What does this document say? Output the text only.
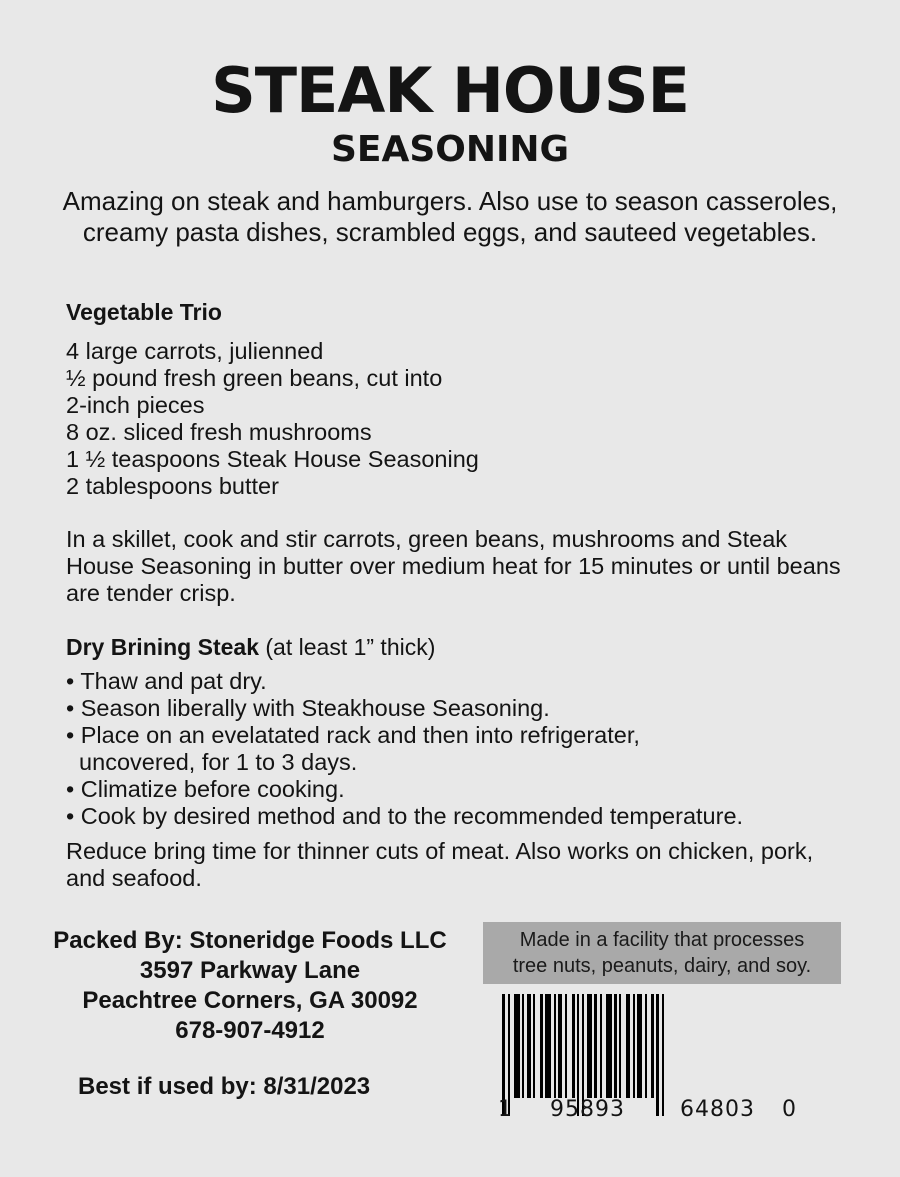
STEAK HOUSE
SEASONING
Amazing on steak and hamburgers. Also use to season casseroles, creamy pasta dishes, scrambled eggs, and sauteed vegetables.
Vegetable Trio
4 large carrots, julienned
½ pound fresh green beans, cut into
2-inch pieces
8 oz. sliced fresh mushrooms
1 ½ teaspoons Steak House Seasoning
2 tablespoons butter
In a skillet, cook and stir carrots, green beans, mushrooms and Steak House Seasoning in butter over medium heat for 15 minutes or until beans are tender crisp.
Dry Brining Steak (at least 1” thick)
• Thaw and pat dry.
• Season liberally with Steakhouse Seasoning.
• Place on an evelatated rack and then into refrigerater,
uncovered, for 1 to 3 days.
• Climatize before cooking.
• Cook by desired method and to the recommended temperature.
Reduce bring time for thinner cuts of meat. Also works on chicken, pork, and seafood.
Packed By: Stoneridge Foods LLC
3597 Parkway Lane
Peachtree Corners, GA 30092
678-907-4912
Best if used by: 8/31/2023
Made in a facility that processes
tree nuts, peanuts, dairy, and soy.
1 95893	64803 0
